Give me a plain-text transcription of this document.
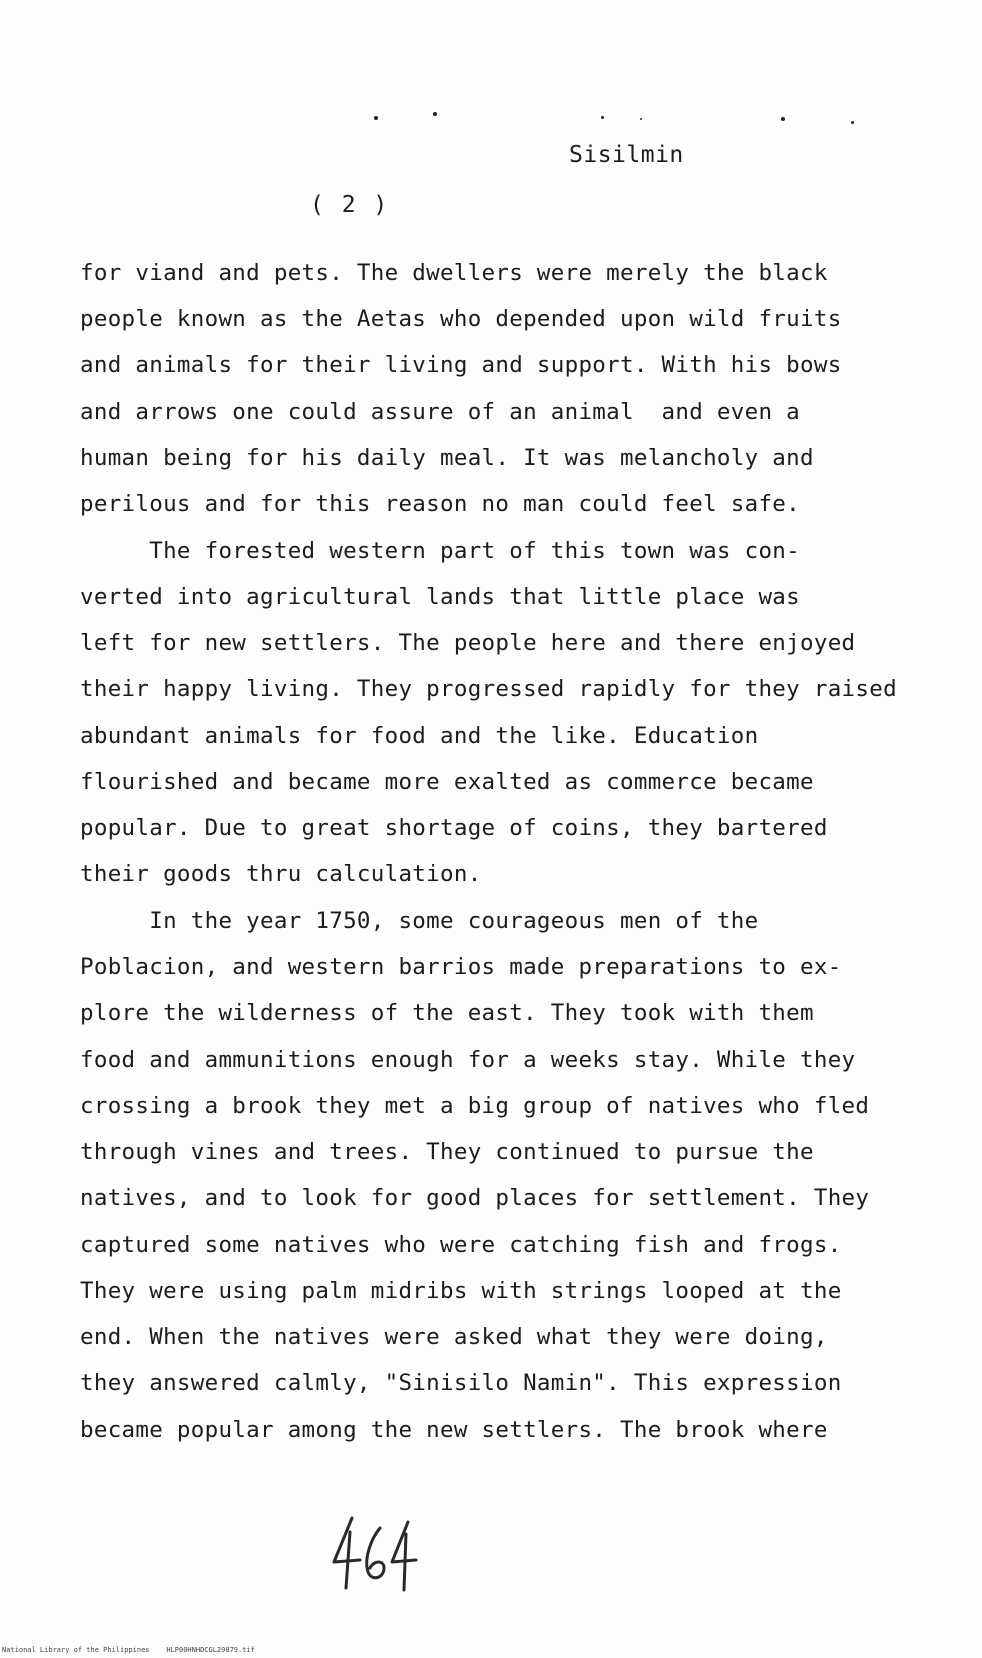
Sisilmin
( 2 )
for viand and pets. The dwellers were merely the black
people known as the Aetas who depended upon wild fruits
and animals for their living and support. With his bows
and arrows one could assure of an animal  and even a
human being for his daily meal. It was melancholy and
perilous and for this reason no man could feel safe.
The forested western part of this town was con-
verted into agricultural lands that little place was
left for new settlers. The people here and there enjoyed
their happy living. They progressed rapidly for they raised
abundant animals for food and the like. Education
flourished and became more exalted as commerce became
popular. Due to great shortage of coins, they bartered
their goods thru calculation.
In the year 1750, some courageous men of the
Poblacion, and western barrios made preparations to ex-
plore the wilderness of the east. They took with them
food and ammunitions enough for a weeks stay. While they
crossing a brook they met a big group of natives who fled
through vines and trees. They continued to pursue the
natives, and to look for good places for settlement. They
captured some natives who were catching fish and frogs.
They were using palm midribs with strings looped at the
end. When the natives were asked what they were doing,
they answered calmly, "Sinisilo Namin". This expression
became popular among the new settlers. The brook where
National Library of the Philippines    HLP00HNHDCGL29879.tif
